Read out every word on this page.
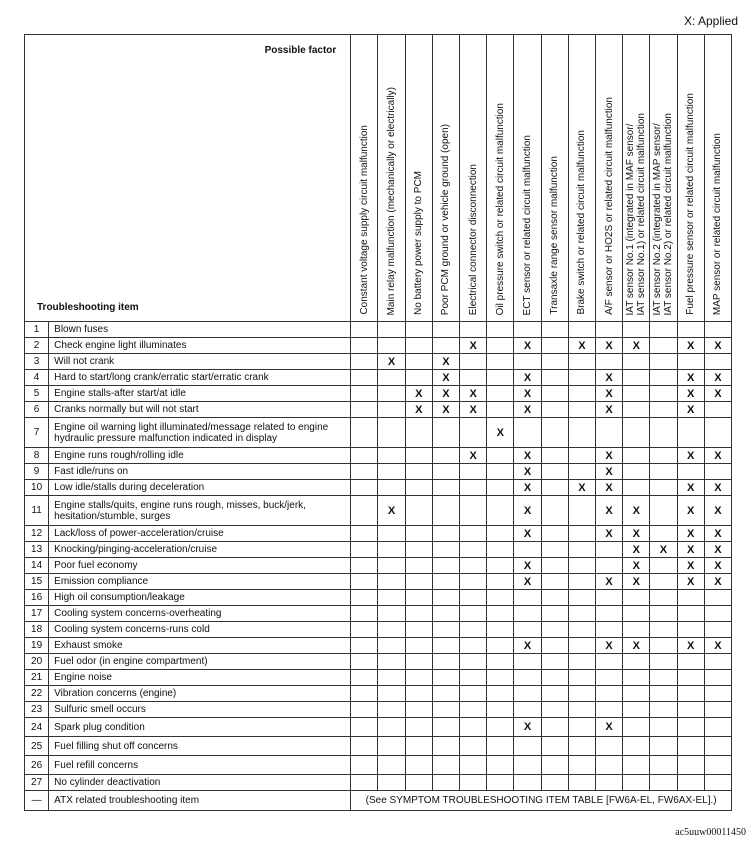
X: Applied
Possible factor
Troubleshooting item		Constant voltage supply circuit malfunction	Main relay malfunction (mechanically or electrically)	No battery power supply to PCM	Poor PCM ground or vehicle ground (open)	Electrical connector disconnection	Oil pressure switch or related circuit malfunction	ECT sensor or related circuit malfunction	Transaxle range sensor malfunction	Brake switch or related circuit malfunction	A/F sensor or HO2S or related circuit malfunction	IAT sensor No.1 (integrated in MAF sensor/
IAT sensor No.1) or related circuit malfunction	IAT sensor No.2 (integrated in MAP sensor/
IAT sensor No.2) or related circuit malfunction	Fuel pressure sensor or related circuit malfunction	MAP sensor or related circuit malfunction

1	Blown fuses														
2	Check engine light illuminates					X		X		X	X	X		X	X
3	Will not crank		X		X										
4	Hard to start/long crank/erratic start/erratic crank				X			X			X			X	X
5	Engine stalls-after start/at idle			X	X	X		X			X			X	X
6	Cranks normally but will not start			X	X	X		X			X			X	
7	Engine oil warning light illuminated/message related to engine hydraulic pressure malfunction indicated in display						X								
8	Engine runs rough/rolling idle					X		X			X			X	X
9	Fast idle/runs on							X			X				
10	Low idle/stalls during deceleration							X		X	X			X	X
11	Engine stalls/quits, engine runs rough, misses, buck/jerk, hesitation/stumble, surges		X					X			X	X		X	X
12	Lack/loss of power-acceleration/cruise							X			X	X		X	X
13	Knocking/pinging-acceleration/cruise											X	X	X	X
14	Poor fuel economy							X				X		X	X
15	Emission compliance							X			X	X		X	X
16	High oil consumption/leakage														
17	Cooling system concerns-overheating														
18	Cooling system concerns-runs cold														
19	Exhaust smoke							X			X	X		X	X
20	Fuel odor (in engine compartment)														
21	Engine noise														
22	Vibration concerns (engine)														
23	Sulfuric smell occurs														
24	Spark plug condition							X			X				
25	Fuel filling shut off concerns														
26	Fuel refill concerns														
27	No cylinder deactivation														
—	ATX related troubleshooting item	(See SYMPTOM TROUBLESHOOTING ITEM TABLE [FW6A-EL, FW6AX-EL].)													
ac5uuw00011450
